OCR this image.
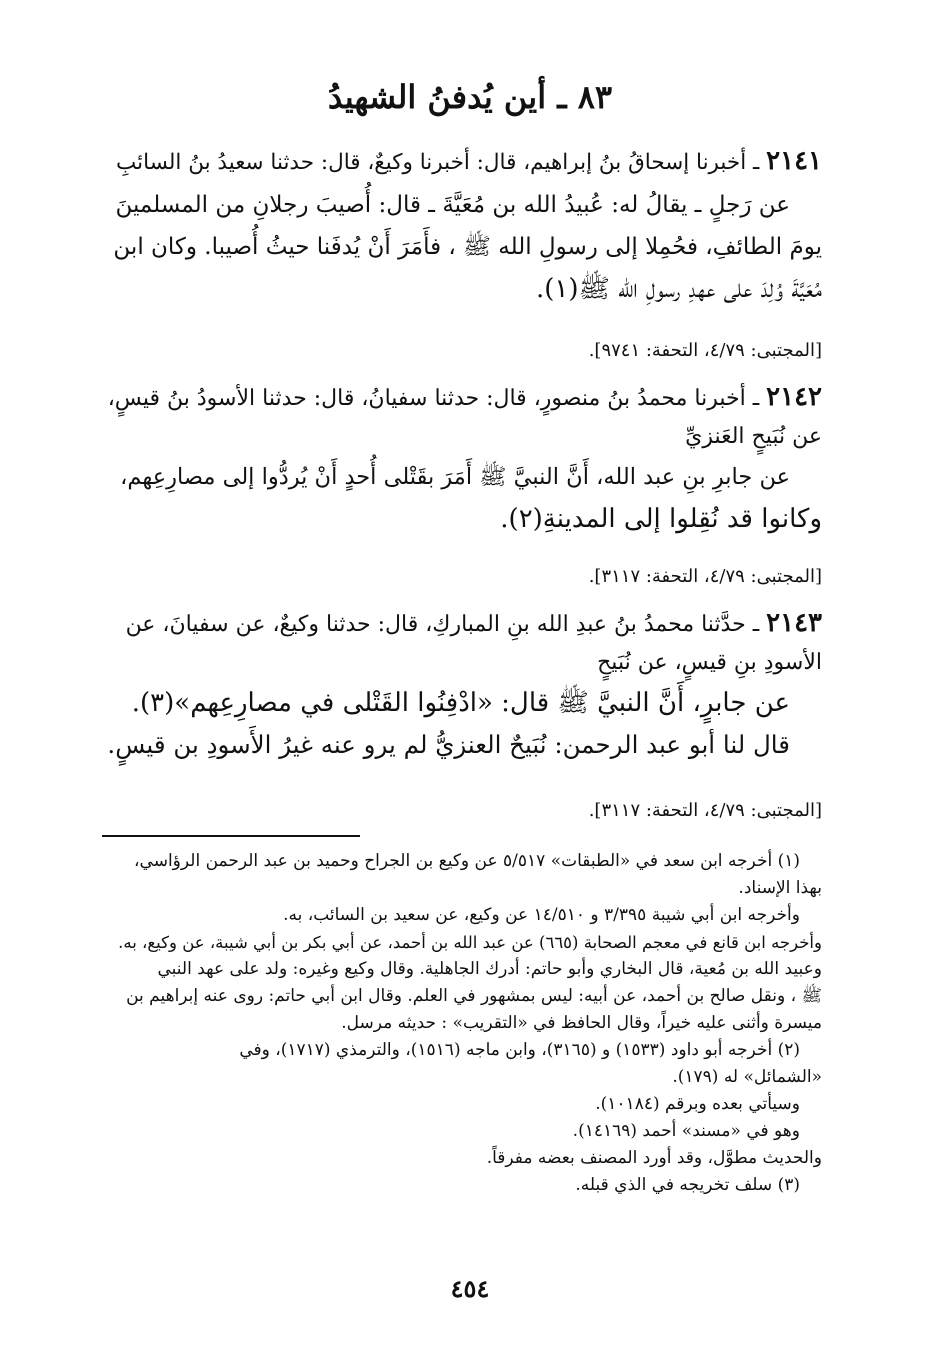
٨٣ ـ أين يُدفنُ الشهيدُ
٢١٤١ ـ أخبرنا إسحاقُ بنُ إبراهيم، قال: أخبرنا وكيعٌ، قال: حدثنا سعيدُ بنُ السائبِ
عن رَجلٍ ـ يقالُ له: عُبيدُ الله بن مُعَيَّةَ ـ قال: أُصيبَ رجلانِ من المسلمينَ
يومَ الطائفِ، فحُمِلا إلى رسولِ الله ﷺ ، فأَمَرَ أَنْ يُدفَنا حيثُ أُصيبا. وكان ابن
مُعَيَّةَ وُلِدَ على عهدِ رسولِ الله ﷺ(١).
[المجتبى: ٤/٧٩، التحفة: ٩٧٤١].
٢١٤٢ ـ أخبرنا محمدُ بنُ منصورٍ، قال: حدثنا سفيانُ، قال: حدثنا الأسودُ بنُ قيسٍ،
عن نُبَيحٍ العَنزيِّ
عن جابرِ بنِ عبد الله، أَنَّ النبيَّ ﷺ أَمَرَ بقَتْلى أُحدٍ أَنْ يُردُّوا إلى مصارِعِهم،
وكانوا قد نُقِلوا إلى المدينةِ(٢).
[المجتبى: ٤/٧٩، التحفة: ٣١١٧].
٢١٤٣ ـ حدَّثنا محمدُ بنُ عبدِ الله بنِ المباركِ، قال: حدثنا وكيعٌ، عن سفيانَ، عن
الأسودِ بنِ قيسٍ، عن نُبَيحٍ
عن جابرٍ، أَنَّ النبيَّ ﷺ قال: «ادْفِنُوا القَتْلى في مصارِعِهم»(٣).
قال لنا أبو عبد الرحمن: نُبَيحٌ العنزيُّ لم يرو عنه غيرُ الأَسودِ بن قيسٍ.
[المجتبى: ٤/٧٩، التحفة: ٣١١٧].
(١) أخرجه ابن سعد في «الطبقات» ٥/٥١٧ عن وكيع بن الجراح وحميد بن عبد الرحمن الرؤاسي،
بهذا الإسناد.
وأخرجه ابن أبي شيبة ٣/٣٩٥ و ١٤/٥١٠ عن وكيع، عن سعيد بن السائب، به.
وأخرجه ابن قانع في معجم الصحابة (٦٦٥) عن عبد الله بن أحمد، عن أبي بكر بن أبي شيبة، عن وكيع، به.
وعبيد الله بن مُعية، قال البخاري وأبو حاتم: أدرك الجاهلية. وقال وكيع وغيره: ولد على عهد النبي
ﷺ ، ونقل صالح بن أحمد، عن أبيه: ليس بمشهور في العلم. وقال ابن أبي حاتم: روى عنه إبراهيم بن
ميسرة وأثنى عليه خيراً، وقال الحافظ في «التقريب» : حديثه مرسل.
(٢) أخرجه أبو داود (١٥٣٣) و (٣١٦٥)، وابن ماجه (١٥١٦)، والترمذي (١٧١٧)، وفي
«الشمائل» له (١٧٩).
وسيأتي بعده وبرقم (١٠١٨٤).
وهو في «مسند» أحمد (١٤١٦٩).
والحديث مطوَّل، وقد أورد المصنف بعضه مفرقاً.
(٣) سلف تخريجه في الذي قبله.
٤٥٤
